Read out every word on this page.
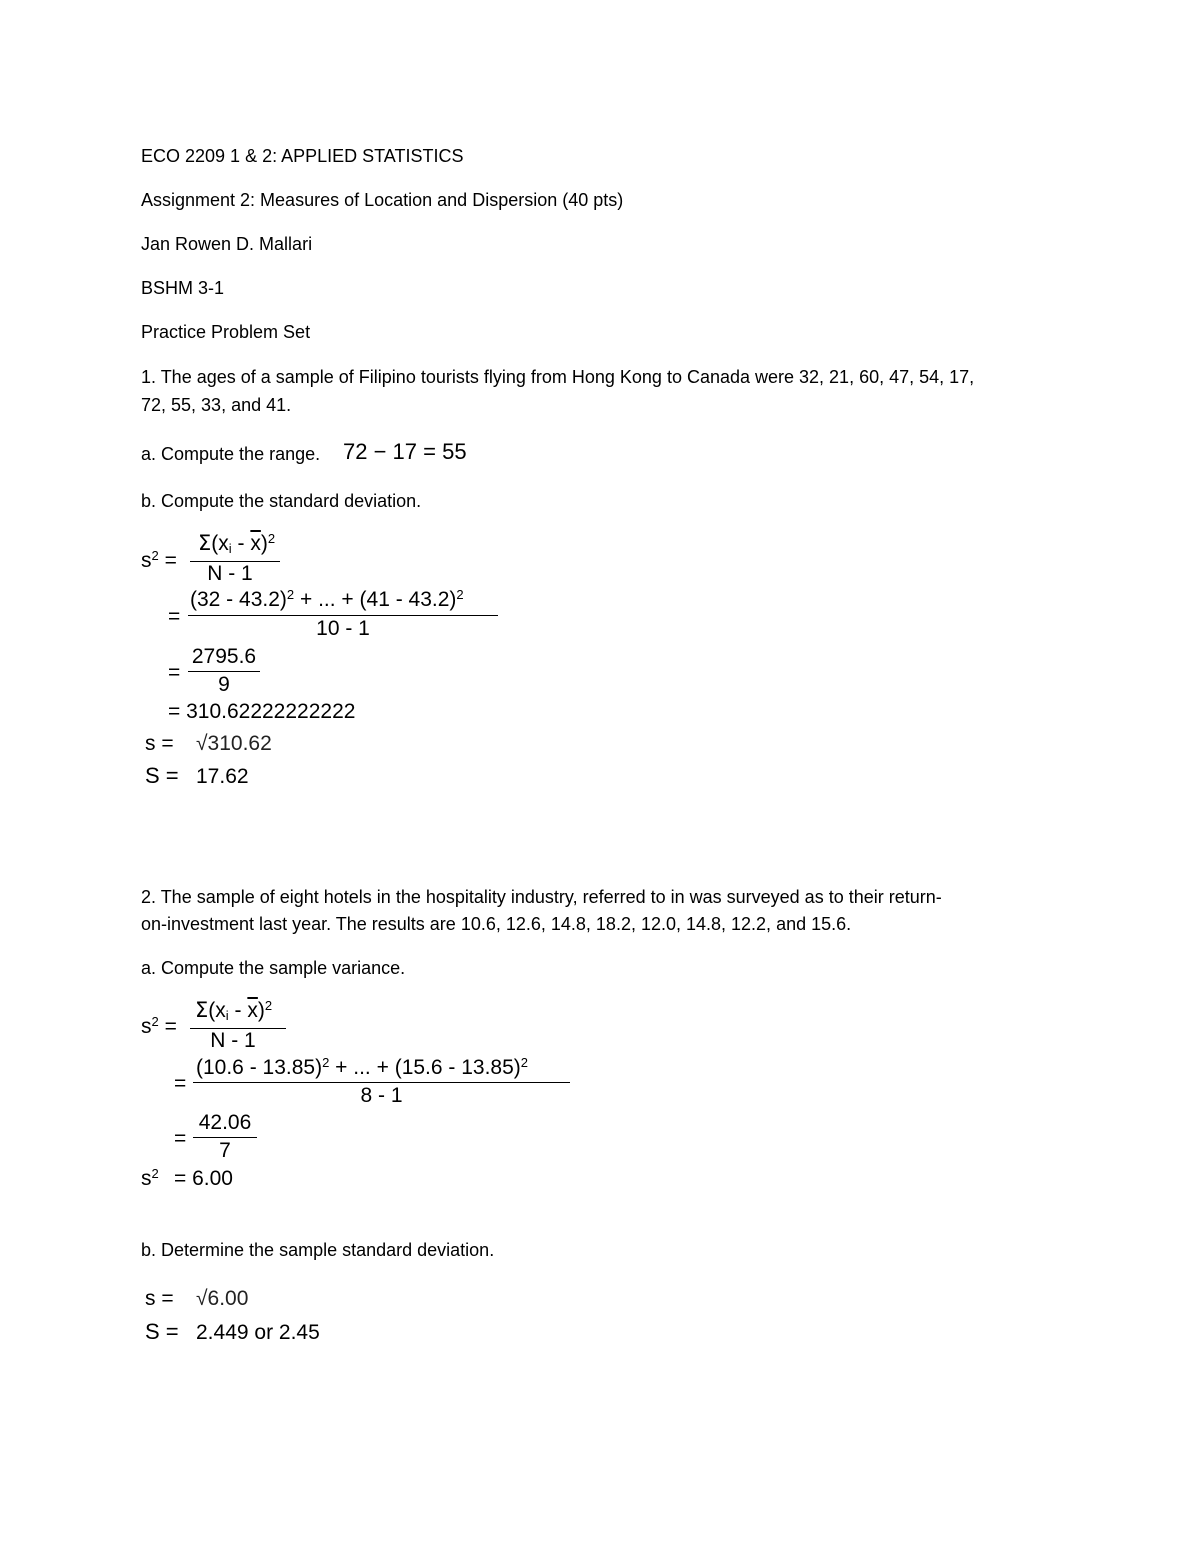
ECO 2209 1 & 2: APPLIED STATISTICS
Assignment 2: Measures of Location and Dispersion (40 pts)
Jan Rowen D. Mallari
BSHM 3-1
Practice Problem Set
1. The ages of a sample of Filipino tourists flying from Hong Kong to Canada were 32, 21, 60, 47, 54, 17,
72, 55, 33, and 41.
a. Compute the range. 72 − 17 = 55
b. Compute the standard deviation.
$s^2$ =
$\Sigma(x_i - \overline{x})^2$
N - 1
=
(32 - 43.2)$^2$ + ... + (41 - 43.2)$^2$
10 - 1
=
2795.6
9
= 310.62222222222
s = √310.62
S = 17.62
2. The sample of eight hotels in the hospitality industry, referred to in was surveyed as to their return-
on-investment last year. The results are 10.6, 12.6, 14.8, 18.2, 12.0, 14.8, 12.2, and 15.6.
a. Compute the sample variance.
$s^2$ =
$\Sigma(x_i - \overline{x})^2$
N - 1
=
(10.6 - 13.85)$^2$ + ... + (15.6 - 13.85)$^2$
8 - 1
=
42.06
7
$s^2 = 6.00$
b. Determine the sample standard deviation.
s = √6.00
S = 2.449 or 2.45
